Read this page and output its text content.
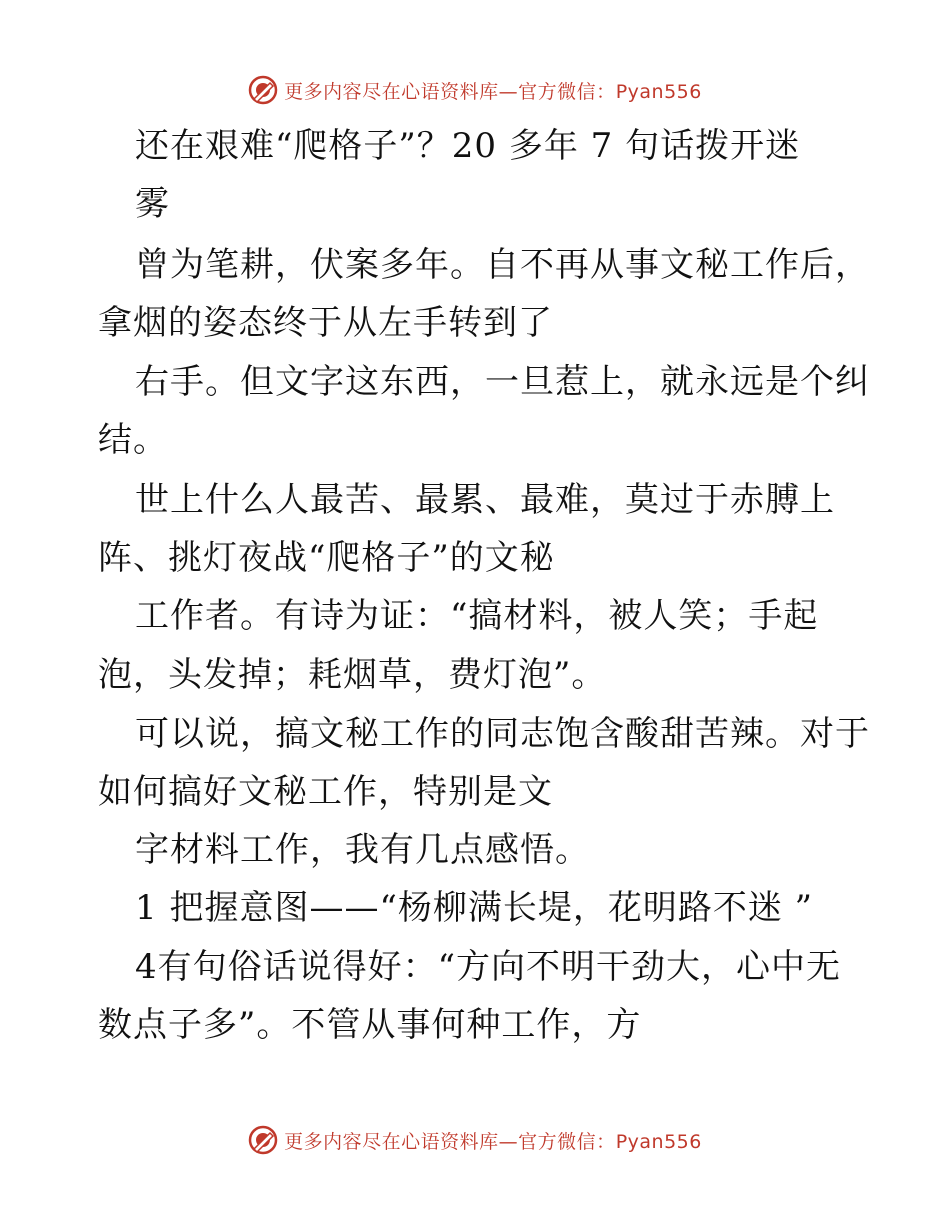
更多内容尽在心语资料库—官方微信：Pyan556
还在艰难“爬格子”？20 多年 7 句话拨开迷
雾
曾为笔耕，伏案多年。自不再从事文秘工作后，
拿烟的姿态终于从左手转到了
右手。但文字这东西，一旦惹上，就永远是个纠
结。
世上什么人最苦、最累、最难，莫过于赤膊上
阵、挑灯夜战“爬格子”的文秘
工作者。有诗为证：“搞材料，被人笑；手起
泡，头发掉；耗烟草，费灯泡”。
可以说，搞文秘工作的同志饱含酸甜苦辣。对于
如何搞好文秘工作，特别是文
字材料工作，我有几点感悟。
1 把握意图——“杨柳满长堤，花明路不迷 ”
4有句俗话说得好：“方向不明干劲大，心中无
数点子多”。不管从事何种工作，方
更多内容尽在心语资料库—官方微信：Pyan556
